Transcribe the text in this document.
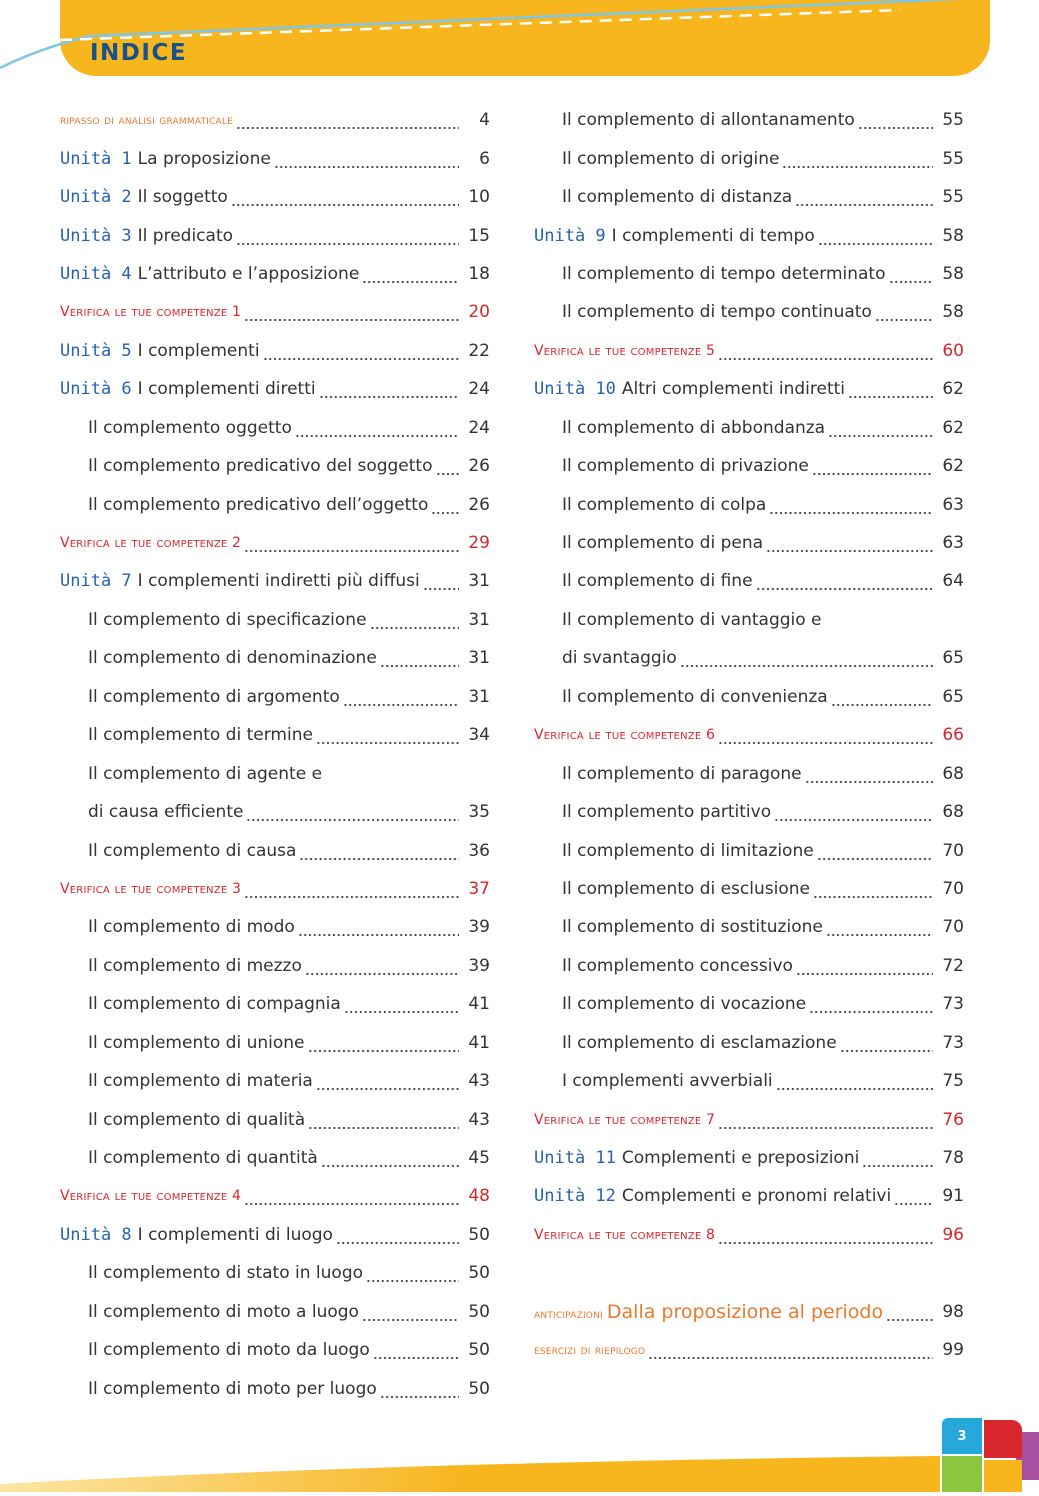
INDICE
ripasso di analisi grammaticale	4
Unità 1 La proposizione	6
Unità 2 Il soggetto	10
Unità 3 Il predicato	15
Unità 4 L’attributo e l’apposizione	18
Verifica le tue competenze 1	20
Unità 5 I complementi	22
Unità 6 I complementi diretti	24
Il complemento oggetto	24
Il complemento predicativo del soggetto	26
Il complemento predicativo dell’oggetto	26
Verifica le tue competenze 2	29
Unità 7 I complementi indiretti più diffusi	31
Il complemento di specificazione	31
Il complemento di denominazione	31
Il complemento di argomento	31
Il complemento di termine	34
Il complemento di agente e
di causa efficiente	35
Il complemento di causa	36
Verifica le tue competenze 3	37
Il complemento di modo	39
Il complemento di mezzo	39
Il complemento di compagnia	41
Il complemento di unione	41
Il complemento di materia	43
Il complemento di qualità	43
Il complemento di quantità	45
Verifica le tue competenze 4	48
Unità 8 I complementi di luogo	50
Il complemento di stato in luogo	50
Il complemento di moto a luogo	50
Il complemento di moto da luogo	50
Il complemento di moto per luogo	50
Il complemento di allontanamento	55
Il complemento di origine	55
Il complemento di distanza	55
Unità 9 I complementi di tempo	58
Il complemento di tempo determinato	58
Il complemento di tempo continuato	58
Verifica le tue competenze 5	60
Unità 10 Altri complementi indiretti	62
Il complemento di abbondanza	62
Il complemento di privazione	62
Il complemento di colpa	63
Il complemento di pena	63
Il complemento di fine	64
Il complemento di vantaggio e
di svantaggio	65
Il complemento di convenienza	65
Verifica le tue competenze 6	66
Il complemento di paragone	68
Il complemento partitivo	68
Il complemento di limitazione	70
Il complemento di esclusione	70
Il complemento di sostituzione	70
Il complemento concessivo	72
Il complemento di vocazione	73
Il complemento di esclamazione	73
I complementi avverbiali	75
Verifica le tue competenze 7	76
Unità 11 Complementi e preposizioni	78
Unità 12 Complementi e pronomi relativi	91
Verifica le tue competenze 8	96
anticipazioni Dalla proposizione al periodo	98
esercizi di riepilogo	99
3
